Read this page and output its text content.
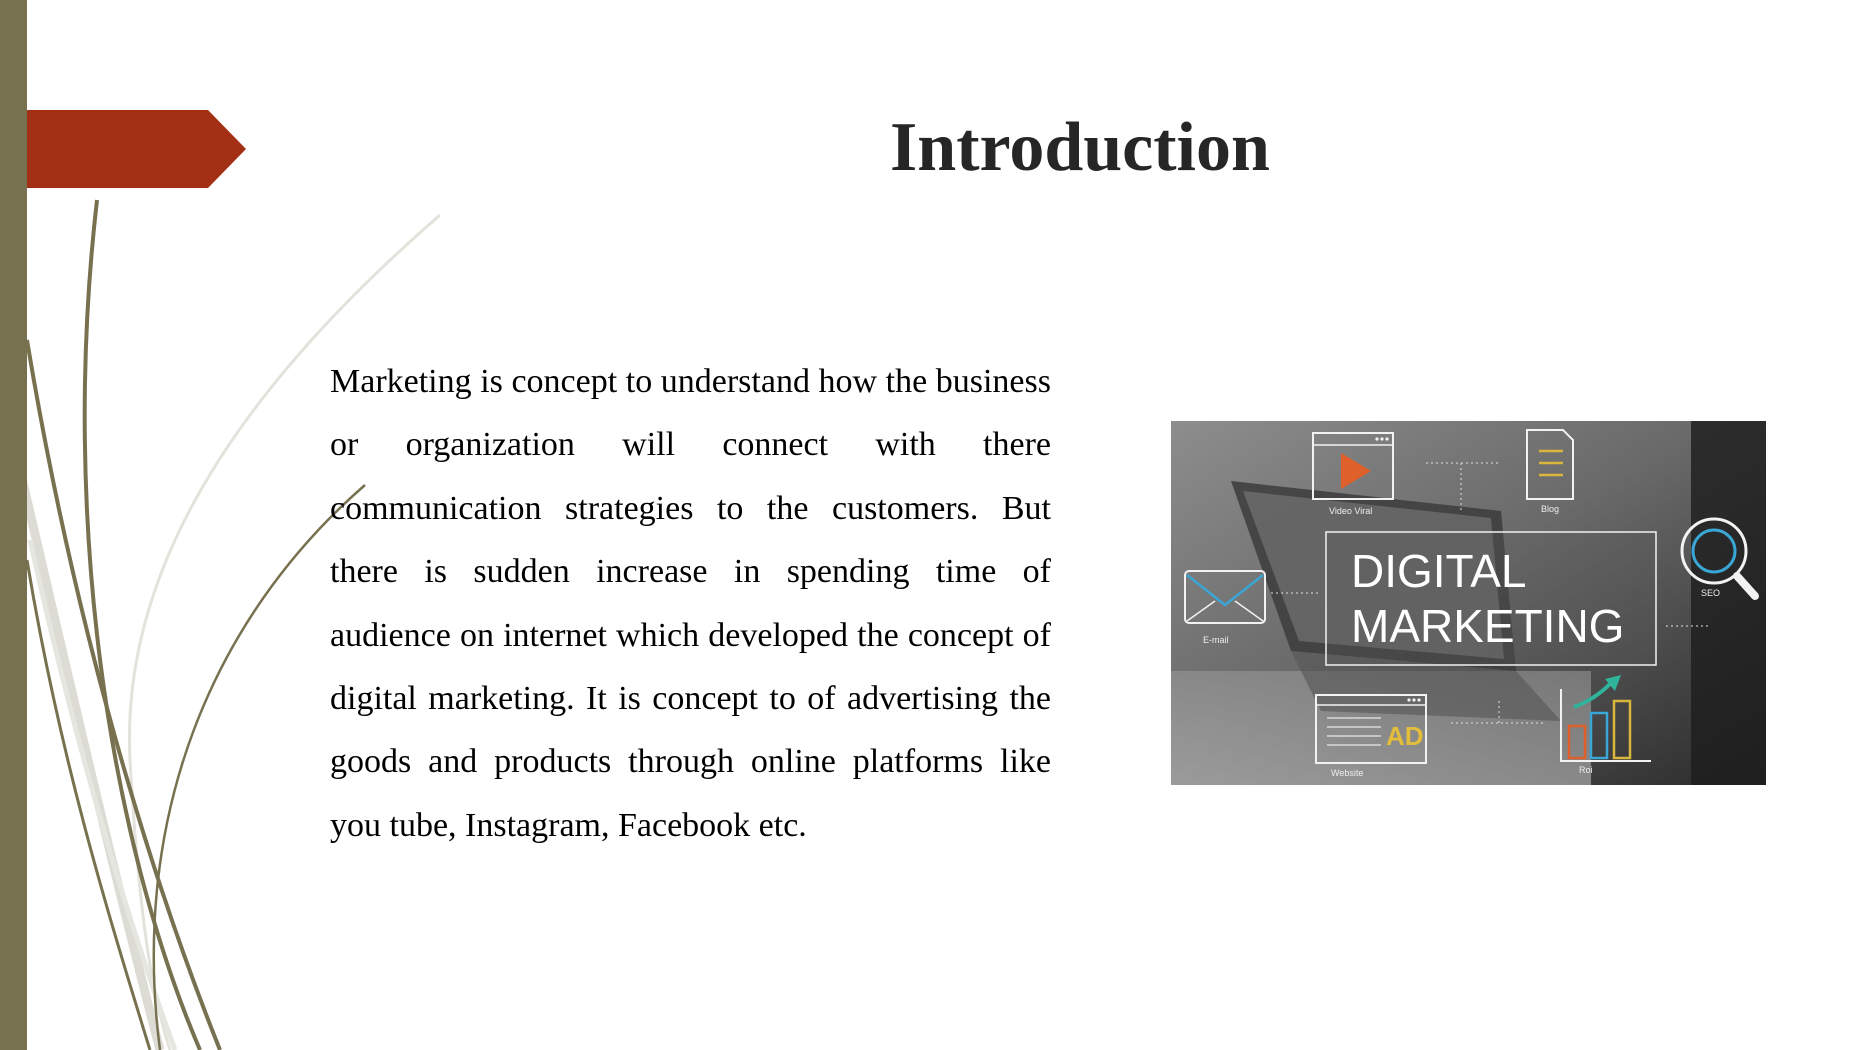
Introduction

Marketing is concept to understand how the business or organization will connect with there communication strategies to the customers. But there is sudden increase in spending time of audience on internet which developed the concept of digital marketing. It is concept to of advertising the goods and products through online platforms like you tube, Instagram, Facebook etc.

Video Viral	Blog
DIGITAL
MARKETING
E-mail
SEO
AD
Website	Roi
